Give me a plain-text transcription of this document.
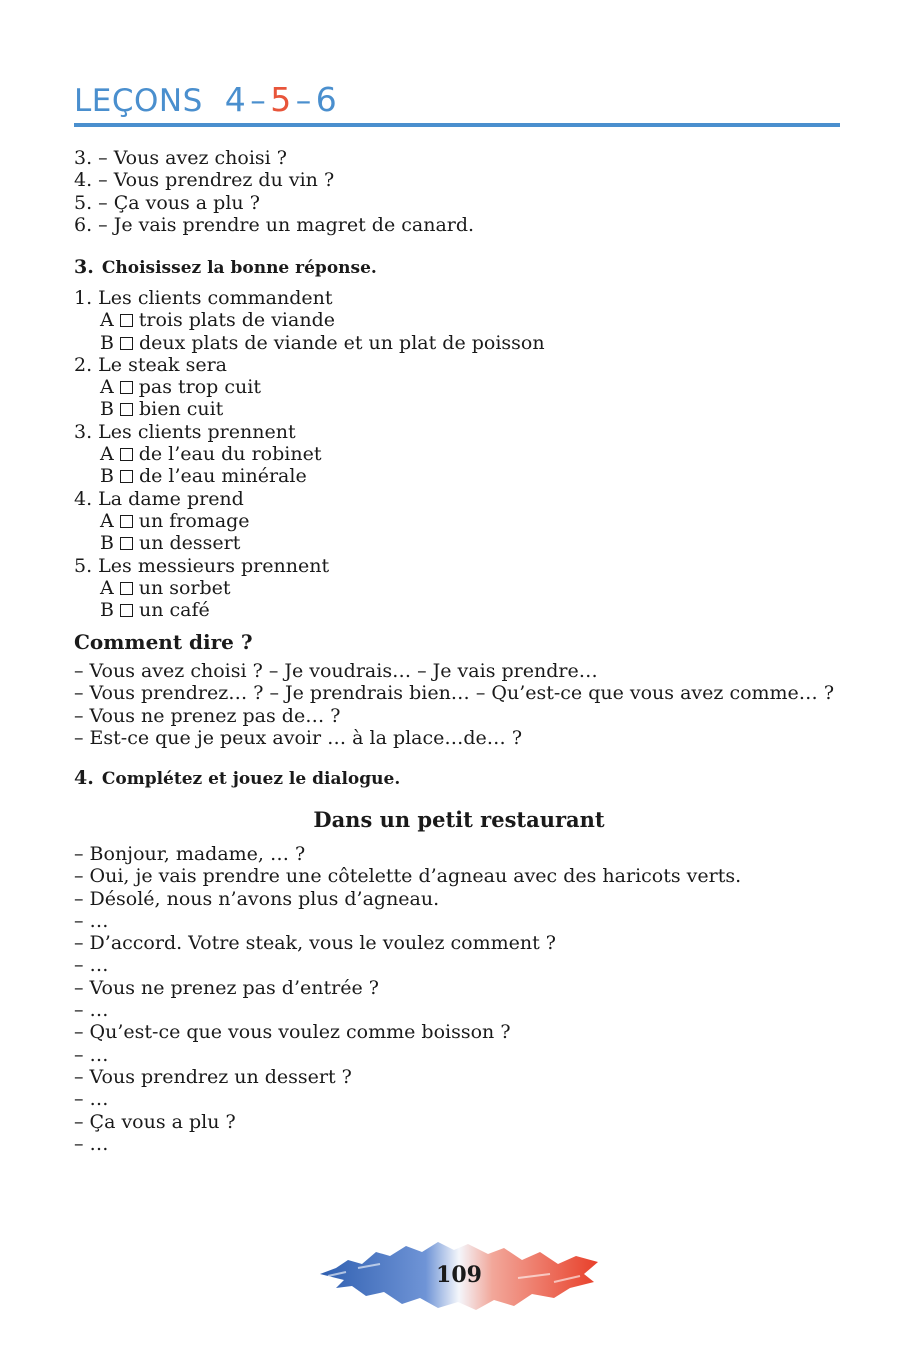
LEÇONS 4 – 5 – 6
3. – Vous avez choisi ?
4. – Vous prendrez du vin ?
5. – Ça vous a plu ?
6. – Je vais prendre un magret de canard.
3. Choisissez la bonne réponse.
1. Les clients commandent
A trois plats de viande
B deux plats de viande et un plat de poisson
2. Le steak sera
A pas trop cuit
B bien cuit
3. Les clients prennent
A de l’eau du robinet
B de l’eau minérale
4. La dame prend
A un fromage
B un dessert
5. Les messieurs prennent
A un sorbet
B un café
Comment dire ?
– Vous avez choisi ? – Je voudrais… – Je vais prendre…
– Vous prendrez… ? – Je prendrais bien… – Qu’est-ce que vous avez comme… ?
– Vous ne prenez pas de… ?
– Est-ce que je peux avoir … à la place…de… ?
4. Complétez et jouez le dialogue.
Dans un petit restaurant
– Bonjour, madame, … ?
– Oui, je vais prendre une côtelette d’agneau avec des haricots verts.
– Désolé, nous n’avons plus d’agneau.
– …
– D’accord. Votre steak, vous le voulez comment ?
– …
– Vous ne prenez pas d’entrée ?
– …
– Qu’est-ce que vous voulez comme boisson ?
– …
– Vous prendrez un dessert ?
– …
– Ça vous a plu ?
– …
109
